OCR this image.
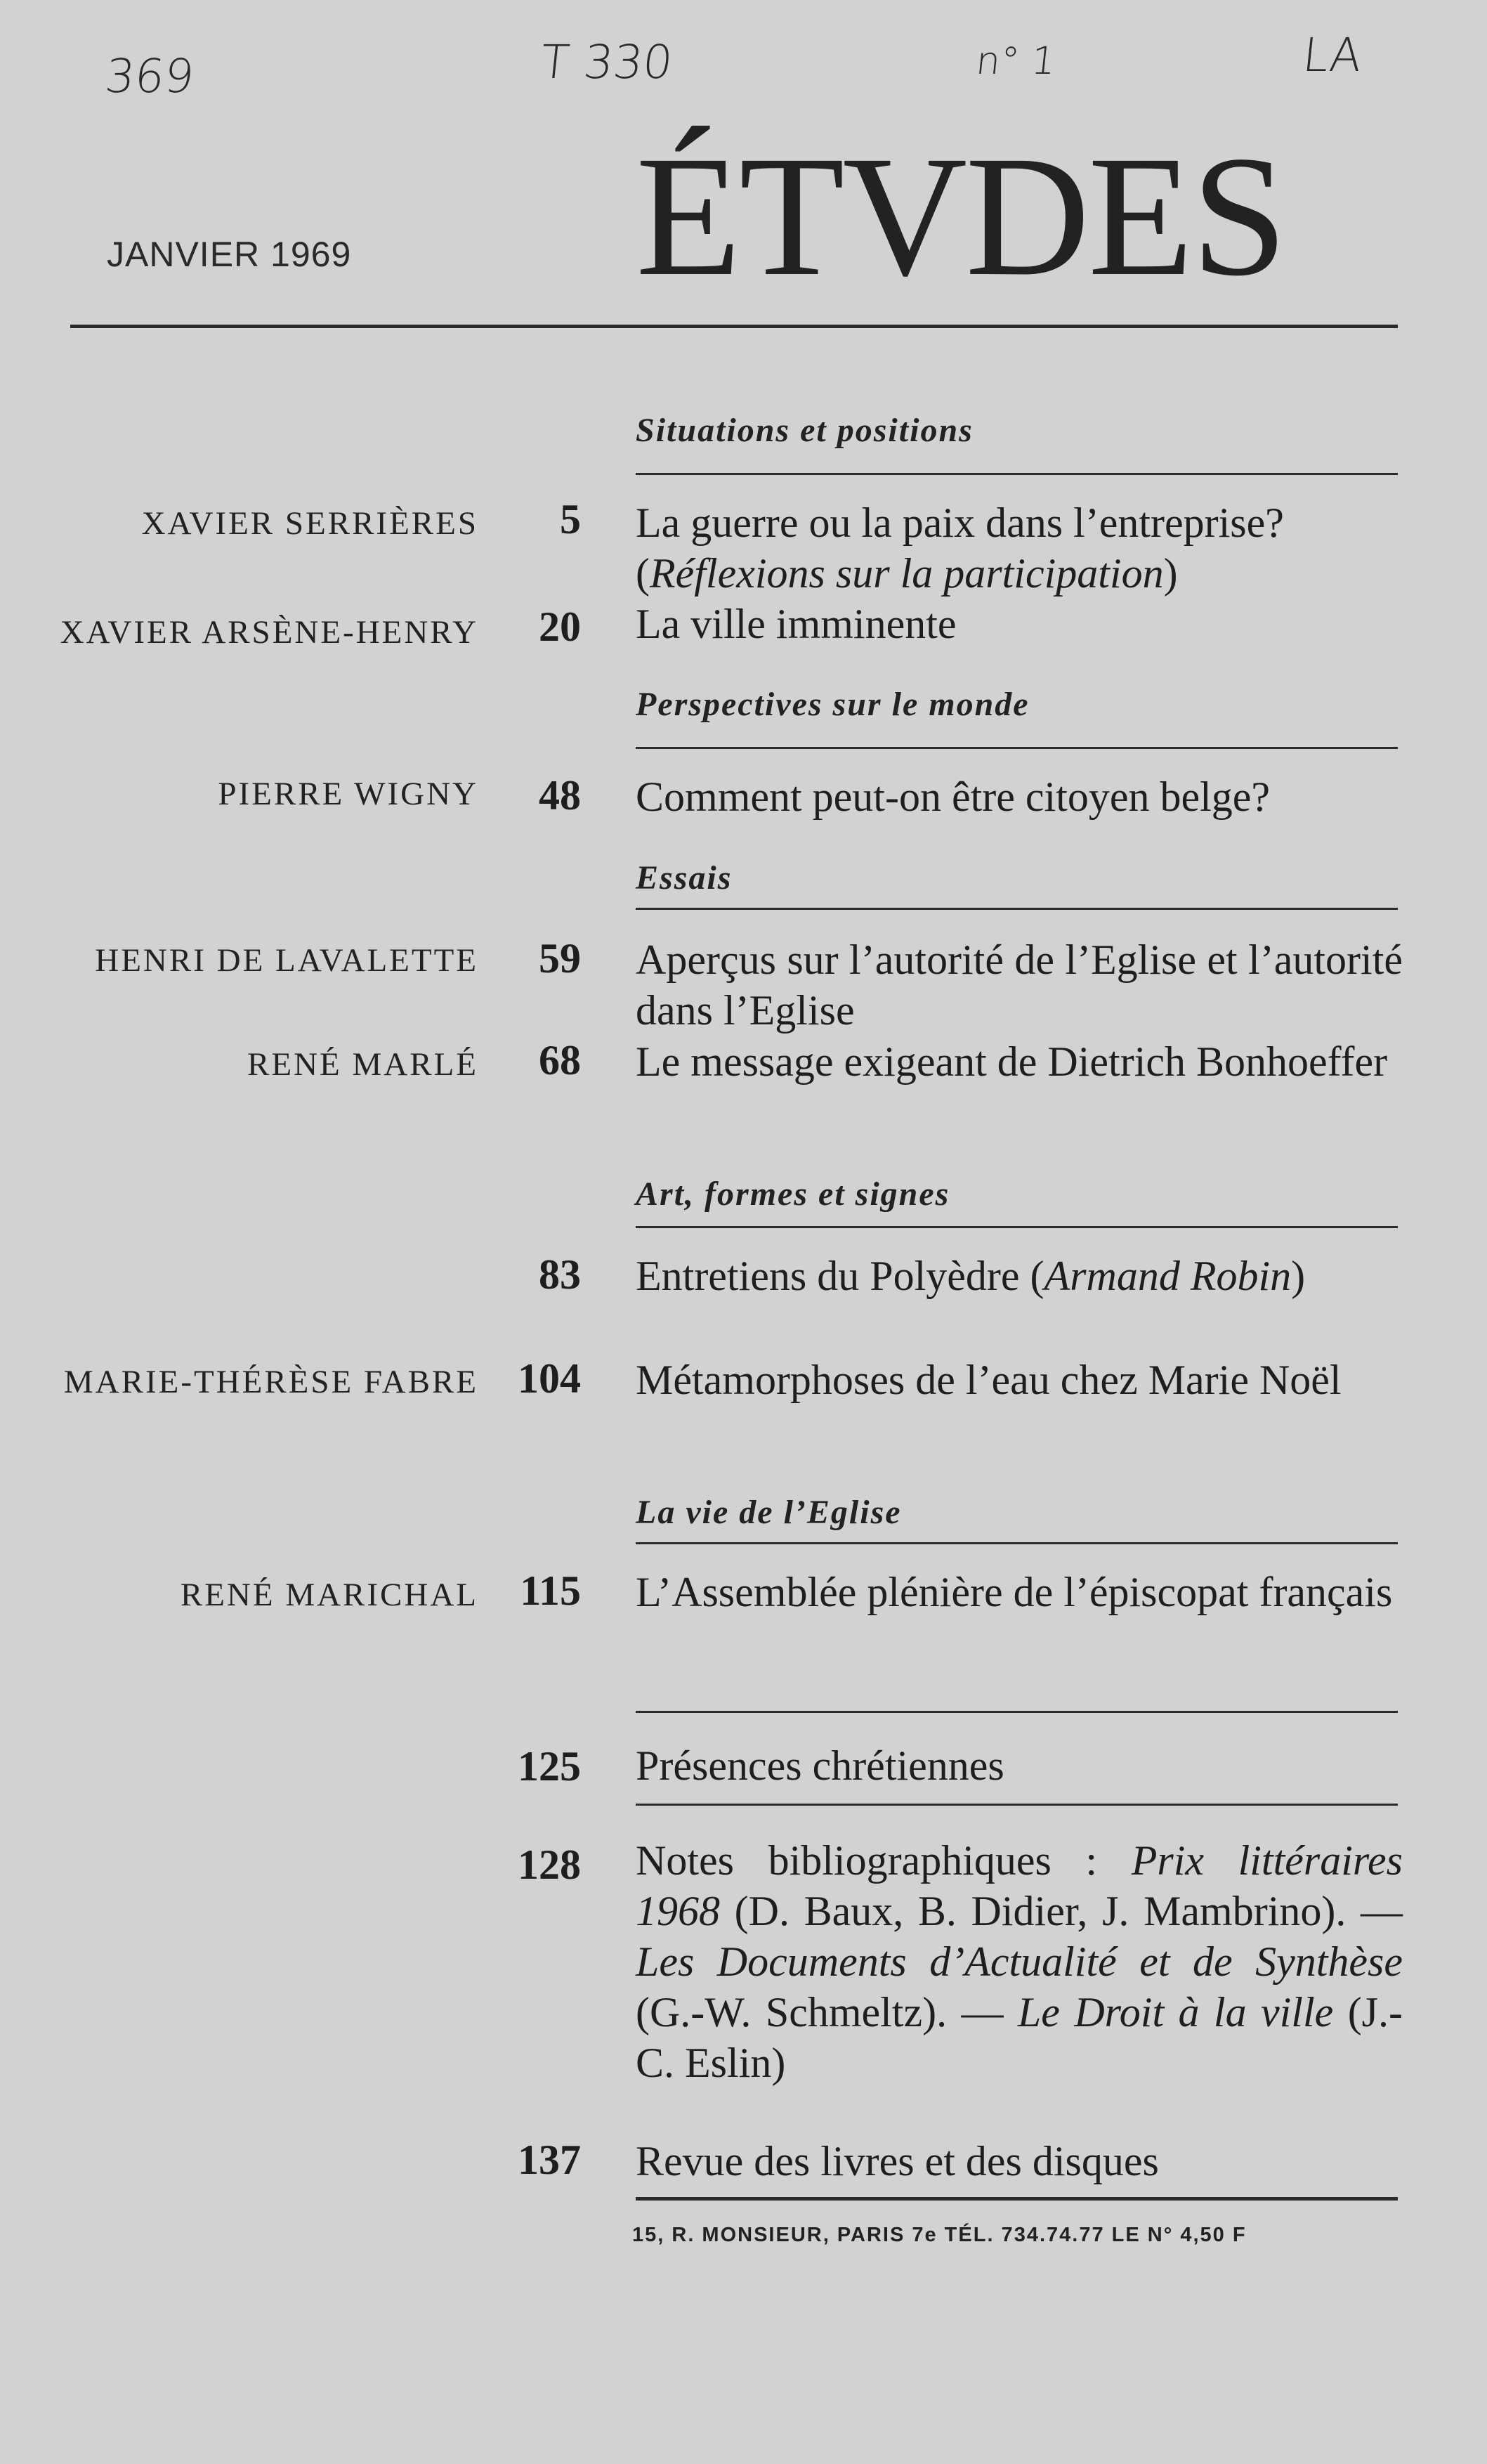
369	T 330	n° 1	LA
JANVIER 1969 ÉTVDES
Situations et positions
XAVIER SERRIÈRES 5 La guerre ou la paix dans l’entreprise?
(Réflexions sur la participation)
XAVIER ARSÈNE-HENRY 20 La ville imminente
Perspectives sur le monde
PIERRE WIGNY 48 Comment peut-on être citoyen belge?
Essais
HENRI DE LAVALETTE 59 Aperçus sur l’autorité de l’Eglise et l’autorité dans l’Eglise
RENÉ MARLÉ 68 Le message exigeant de Dietrich Bonhoeffer
Art, formes et signes
83 Entretiens du Polyèdre (Armand Robin)
MARIE-THÉRÈSE FABRE 104 Métamorphoses de l’eau chez Marie Noël
La vie de l’Eglise
RENÉ MARICHAL 115 L’Assemblée plénière de l’épiscopat français
125 Présences chrétiennes
128 Notes bibliographiques : Prix littéraires 1968 (D. Baux, B. Didier, J. Mambrino). — Les Documents d’Actualité et de Synthèse (G.-W. Schmeltz). — Le Droit à la ville (J.-C. Eslin)
137 Revue des livres et des disques
15, R. MONSIEUR, PARIS 7e TÉL. 734.74.77 LE N° 4,50 F
